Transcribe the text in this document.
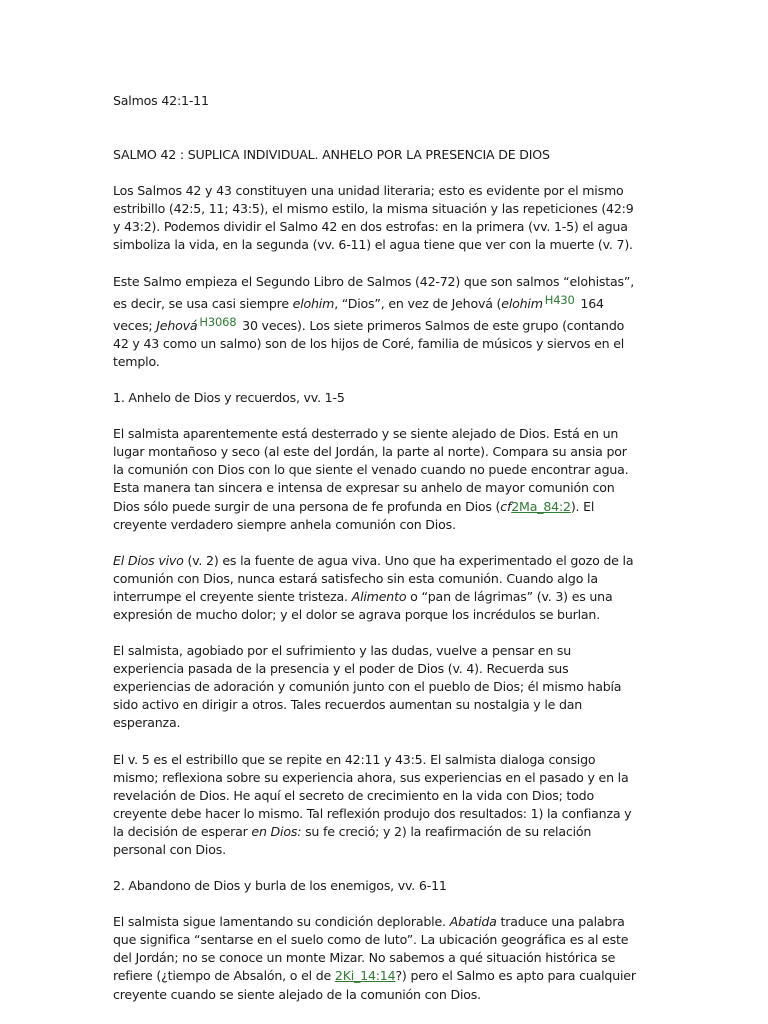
Salmos 42:1-11

SALMO 42 : SUPLICA INDIVIDUAL. ANHELO POR LA PRESENCIA DE DIOS

Los Salmos 42 y 43 constituyen una unidad literaria; esto es evidente por el mismo estribillo (42:5, 11; 43:5), el mismo estilo, la misma situación y las repeticiones (42:9 y 43:2). Podemos dividir el Salmo 42 en dos estrofas: en la primera (vv. 1-5) el agua simboliza la vida, en la segunda (vv. 6-11) el agua tiene que ver con la muerte (v. 7).

Este Salmo empieza el Segundo Libro de Salmos (42-72) que son salmos “elohistas”, es decir, se usa casi siempre elohim, “Dios”, en vez de Jehová (elohim H430 164 veces; Jehová H3068 30 veces). Los siete primeros Salmos de este grupo (contando 42 y 43 como un salmo) son de los hijos de Coré, familia de músicos y siervos en el templo.

1. Anhelo de Dios y recuerdos, vv. 1-5

El salmista aparentemente está desterrado y se siente alejado de Dios. Está en un lugar montañoso y seco (al este del Jordán, la parte al norte). Compara su ansia por la comunión con Dios con lo que siente el venado cuando no puede encontrar agua. Esta manera tan sincera e intensa de expresar su anhelo de mayor comunión con Dios sólo puede surgir de una persona de fe profunda en Dios (cf2Ma_84:2). El creyente verdadero siempre anhela comunión con Dios.

El Dios vivo (v. 2) es la fuente de agua viva. Uno que ha experimentado el gozo de la comunión con Dios, nunca estará satisfecho sin esta comunión. Cuando algo la interrumpe el creyente siente tristeza. Alimento o “pan de lágrimas” (v. 3) es una expresión de mucho dolor; y el dolor se agrava porque los incrédulos se burlan.

El salmista, agobiado por el sufrimiento y las dudas, vuelve a pensar en su experiencia pasada de la presencia y el poder de Dios (v. 4). Recuerda sus experiencias de adoración y comunión junto con el pueblo de Dios; él mismo había sido activo en dirigir a otros. Tales recuerdos aumentan su nostalgia y le dan esperanza.

El v. 5 es el estribillo que se repite en 42:11 y 43:5. El salmista dialoga consigo mismo; reflexiona sobre su experiencia ahora, sus experiencias en el pasado y en la revelación de Dios. He aquí el secreto de crecimiento en la vida con Dios; todo creyente debe hacer lo mismo. Tal reflexión produjo dos resultados: 1) la confianza y la decisión de esperar en Dios: su fe creció; y 2) la reafirmación de su relación personal con Dios.

2. Abandono de Dios y burla de los enemigos, vv. 6-11

El salmista sigue lamentando su condición deplorable. Abatida traduce una palabra que significa “sentarse en el suelo como de luto”. La ubicación geográfica es al este del Jordán; no se conoce un monte Mizar. No sabemos a qué situación histórica se refiere (¿tiempo de Absalón, o el de 2Ki_14:14?) pero el Salmo es apto para cualquier creyente cuando se siente alejado de la comunión con Dios.
